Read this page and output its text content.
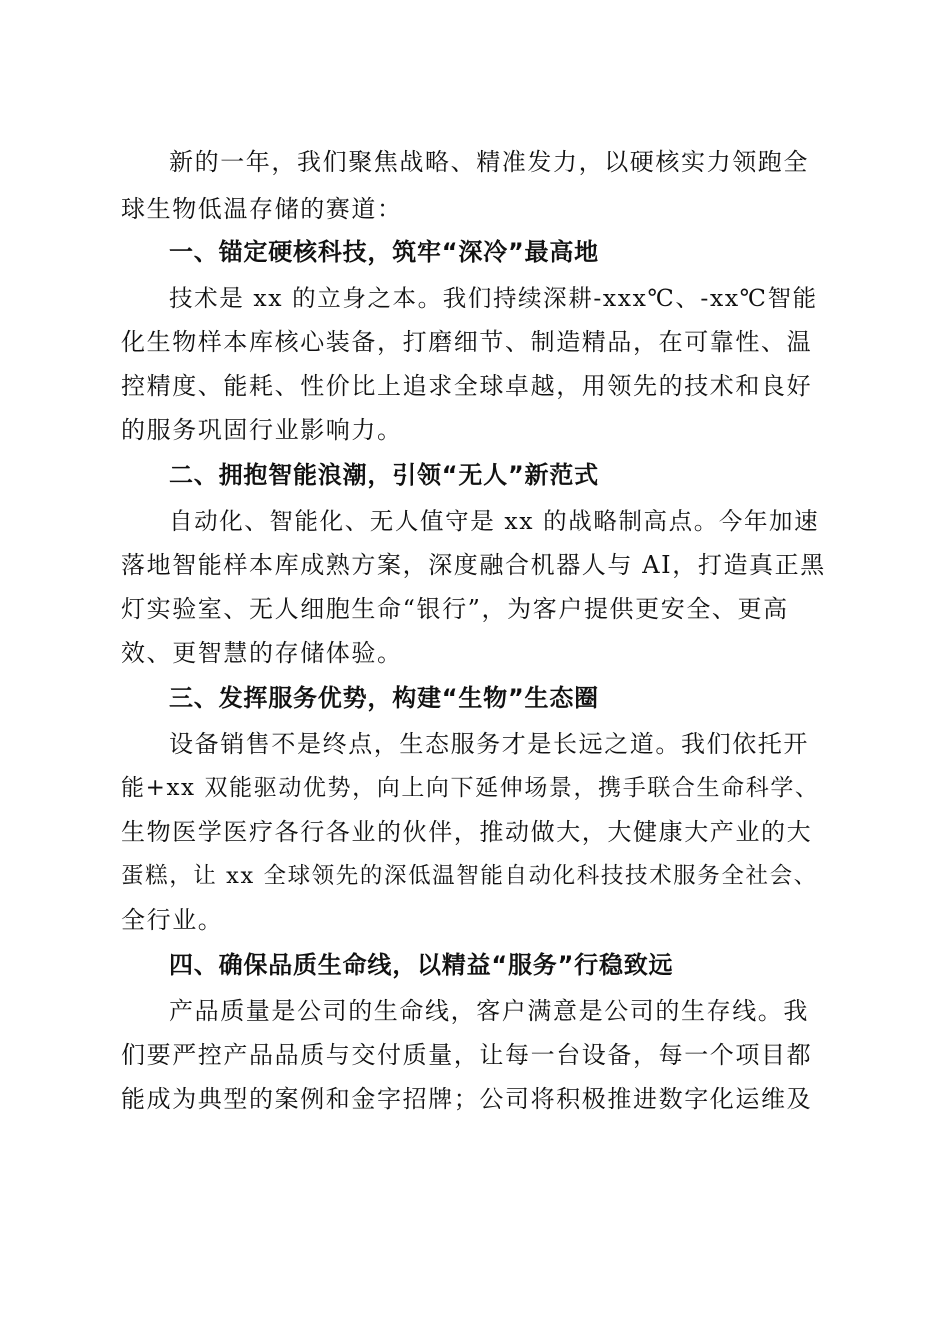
新的一年，我们聚焦战略、精准发力，以硬核实力领跑全
球生物低温存储的赛道：
一、锚定硬核科技，筑牢“深冷”最高地
技术是 xx 的立身之本。我们持续深耕-xxx℃、-xx℃智能
化生物样本库核心装备，打磨细节、制造精品，在可靠性、温
控精度、能耗、性价比上追求全球卓越，用领先的技术和良好
的服务巩固行业影响力。
二、拥抱智能浪潮，引领“无人”新范式
自动化、智能化、无人值守是 xx 的战略制高点。今年加速
落地智能样本库成熟方案，深度融合机器人与 AI，打造真正黑
灯实验室、无人细胞生命“银行”，为客户提供更安全、更高
效、更智慧的存储体验。
三、发挥服务优势，构建“生物”生态圈
设备销售不是终点，生态服务才是长远之道。我们依托开
能+xx 双能驱动优势，向上向下延伸场景，携手联合生命科学、
生物医学医疗各行各业的伙伴，推动做大，大健康大产业的大
蛋糕，让 xx 全球领先的深低温智能自动化科技技术服务全社会、
全行业。
四、确保品质生命线，以精益“服务”行稳致远
产品质量是公司的生命线，客户满意是公司的生存线。我
们要严控产品品质与交付质量，让每一台设备，每一个项目都
能成为典型的案例和金字招牌；公司将积极推进数字化运维及
